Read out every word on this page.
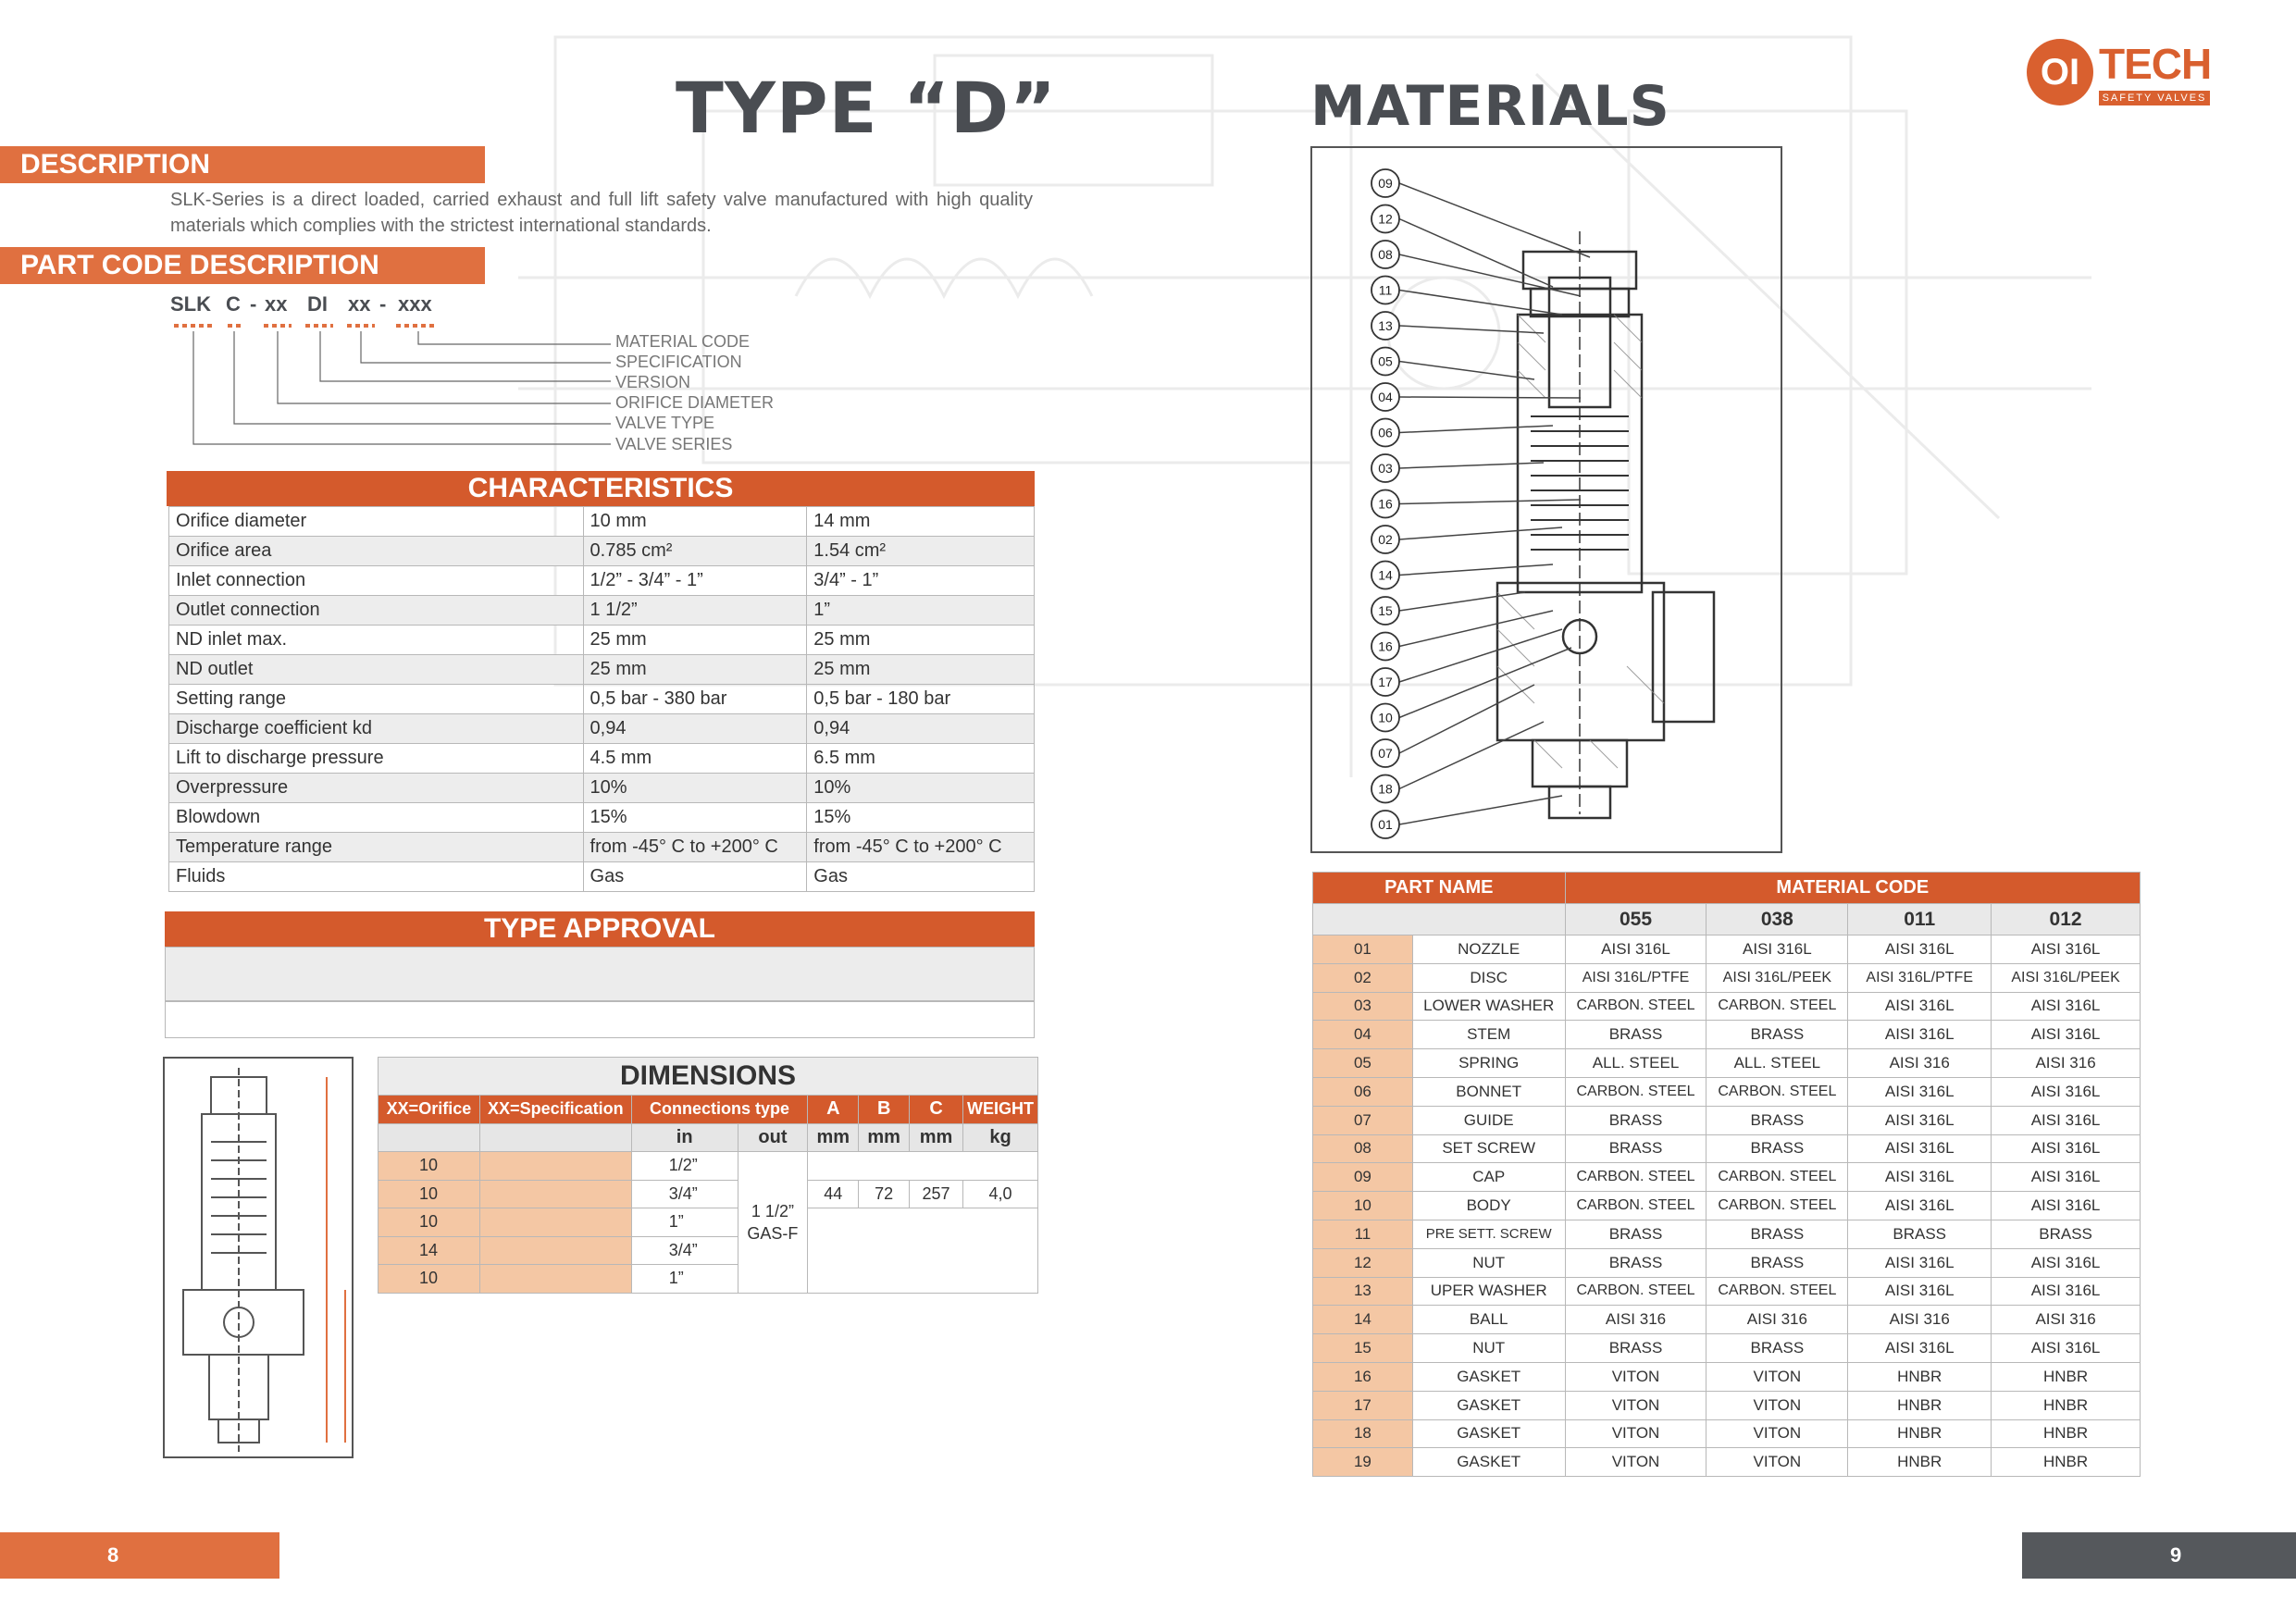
OI TECH
SAFETY VALVES
TYPE “D”
DESCRIPTION
SLK-Series is a direct loaded, carried exhaust and full lift safety valve manufactured with high quality materials which complies with the strictest international standards.
PART CODE DESCRIPTION
SLK C - xx DI xx - xxx
MATERIAL CODE
SPECIFICATION
VERSION
ORIFICE DIAMETER
VALVE TYPE
VALVE SERIES
CHARACTERISTICS
Orifice diameter	10 mm	14 mm
Orifice area	0.785 cm²	1.54 cm²
Inlet connection	1/2” - 3/4” - 1”	3/4” - 1”
Outlet connection	1 1/2”	1”
ND inlet max.	25 mm	25 mm
ND outlet	25 mm	25 mm
Setting range	0,5 bar - 380 bar	0,5 bar - 180 bar
Discharge coefficient kd	0,94	0,94
Lift to discharge pressure	4.5 mm	6.5 mm
Overpressure	10%	10%
Blowdown	15%	15%
Temperature range	from -45° C to +200° C	from -45° C to +200° C
Fluids	Gas	Gas
TYPE APPROVAL
DIMENSIONS							
XX=Orifice	XX=Specification	Connections type		A	B	C	WEIGHT
		in	out	mm	mm	mm	kg
10		1/2”	1 1/2”
GAS-F				
10		3/4”		44	72	257	4,0
10		1”					
14		3/4”					
10		1”					
MATERIALS
09
12
08
11
13
05
04
06
03
16
02
14
15
16
17
10
07
18
01
PART NAME		MATERIAL CODE			
		055	038	011	012
01	NOZZLE	AISI 316L	AISI 316L	AISI 316L	AISI 316L
02	DISC	AISI 316L/PTFE	AISI 316L/PEEK	AISI 316L/PTFE	AISI 316L/PEEK
03	LOWER WASHER	CARBON. STEEL	CARBON. STEEL	AISI 316L	AISI 316L
04	STEM	BRASS	BRASS	AISI 316L	AISI 316L
05	SPRING	ALL. STEEL	ALL. STEEL	AISI 316	AISI 316
06	BONNET	CARBON. STEEL	CARBON. STEEL	AISI 316L	AISI 316L
07	GUIDE	BRASS	BRASS	AISI 316L	AISI 316L
08	SET SCREW	BRASS	BRASS	AISI 316L	AISI 316L
09	CAP	CARBON. STEEL	CARBON. STEEL	AISI 316L	AISI 316L
10	BODY	CARBON. STEEL	CARBON. STEEL	AISI 316L	AISI 316L
11	PRE SETT. SCREW	BRASS	BRASS	BRASS	BRASS
12	NUT	BRASS	BRASS	AISI 316L	AISI 316L
13	UPER WASHER	CARBON. STEEL	CARBON. STEEL	AISI 316L	AISI 316L
14	BALL	AISI 316	AISI 316	AISI 316	AISI 316
15	NUT	BRASS	BRASS	AISI 316L	AISI 316L
16	GASKET	VITON	VITON	HNBR	HNBR
17	GASKET	VITON	VITON	HNBR	HNBR
18	GASKET	VITON	VITON	HNBR	HNBR
19	GASKET	VITON	VITON	HNBR	HNBR
8	9
